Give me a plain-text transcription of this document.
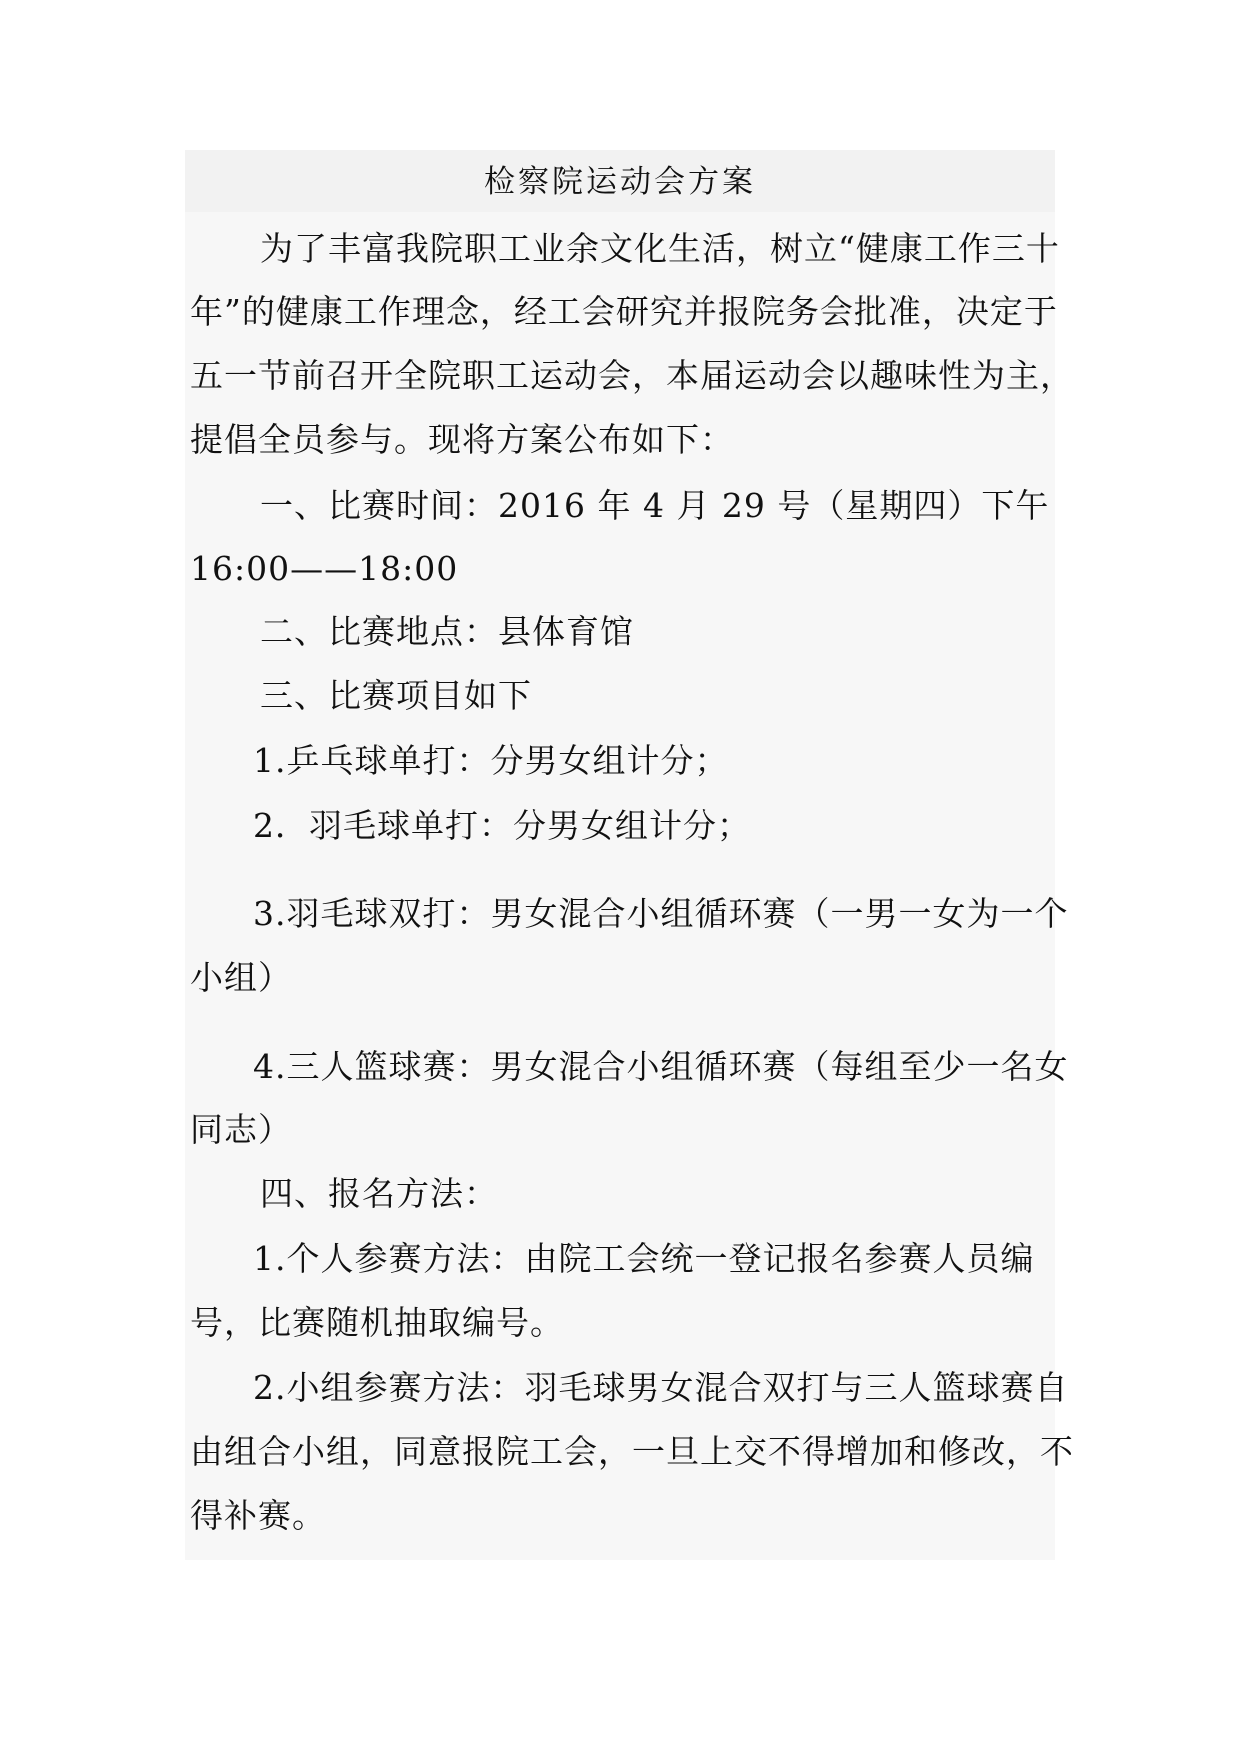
检察院运动会方案
为了丰富我院职工业余文化生活，树立“健康工作三十
年”的健康工作理念，经工会研究并报院务会批准，决定于
五一节前召开全院职工运动会，本届运动会以趣味性为主，
提倡全员参与。现将方案公布如下：
一、比赛时间：2016 年 4 月 29 号（星期四）下午
16:00——18:00
二、比赛地点：县体育馆
三、比赛项目如下
1.乒乓球单打：分男女组计分；
2．羽毛球单打：分男女组计分；
3.羽毛球双打：男女混合小组循环赛（一男一女为一个
小组）
4.三人篮球赛：男女混合小组循环赛（每组至少一名女
同志）
四、报名方法：
1.个人参赛方法：由院工会统一登记报名参赛人员编
号，比赛随机抽取编号。
2.小组参赛方法：羽毛球男女混合双打与三人篮球赛自
由组合小组，同意报院工会，一旦上交不得增加和修改，不
得补赛。
